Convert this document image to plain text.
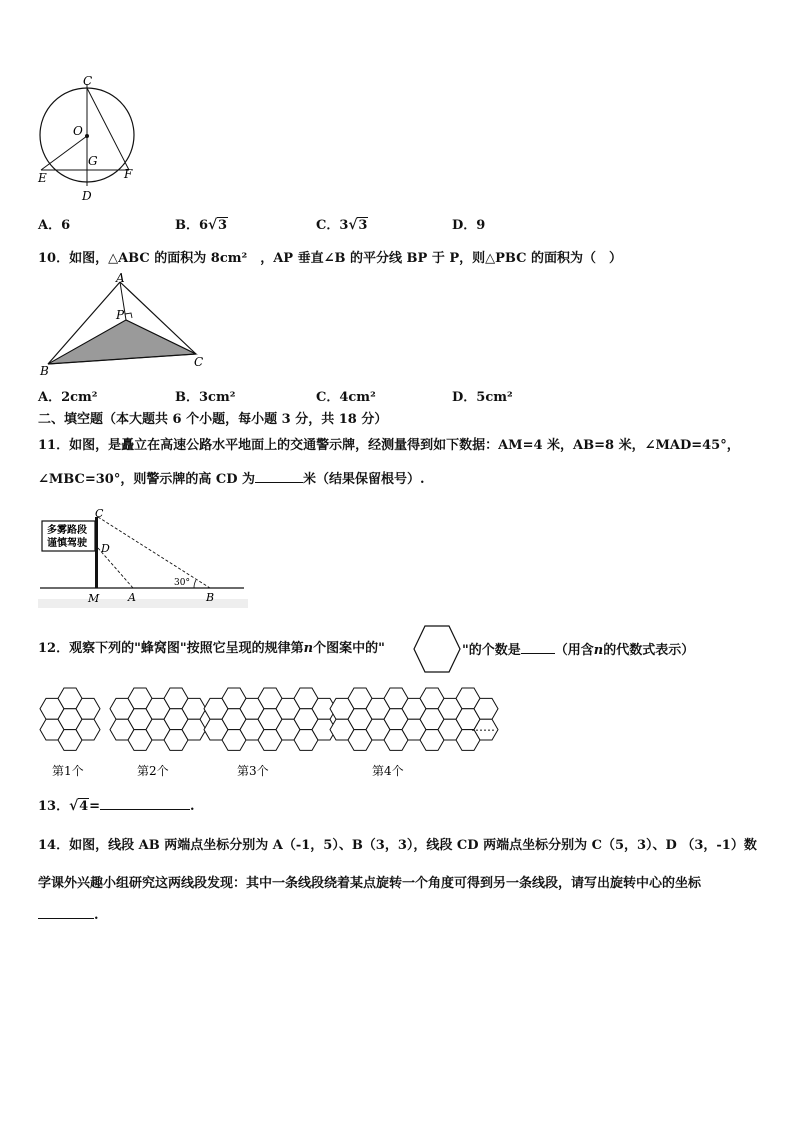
C
O
G
E
D
F
A．6	B．6 √ 3	C．3 √ 3	D．9
10．如图，△ABC 的面积为 8cm²　，AP 垂直∠B 的平分线 BP 于 P，则△PBC 的面积为（　）
A
P
B
C
A．2cm²	B．3cm²	C．4cm²	D．5cm²
二、填空题（本大题共 6 个小题，每小题 3 分，共 18 分）
11．如图，是矗立在高速公路水平地面上的交通警示牌，经测量得到如下数据：AM=4 米，AB=8 米，∠MAD=45°，
∠MBC=30°，则警示牌的高 CD 为	米（结果保留根号）.
多雾路段
谨慎驾驶
30°
C
D
M	A	B
12．观察下列的"蜂窝图"按照它呈现的规律第n个图案中的"	"的个数是	（用含n的代数式表示）
第1个	第2个	第3个	第4个
……
13． √ 4=	.
14．如图，线段 AB 两端点坐标分别为 A（-1，5）、B（3，3），线段 CD 两端点坐标分别为 C（5，3）、D （3，-1）数
学课外兴趣小组研究这两线段发现：其中一条线段绕着某点旋转一个角度可得到另一条线段，请写出旋转中心的坐标
.
